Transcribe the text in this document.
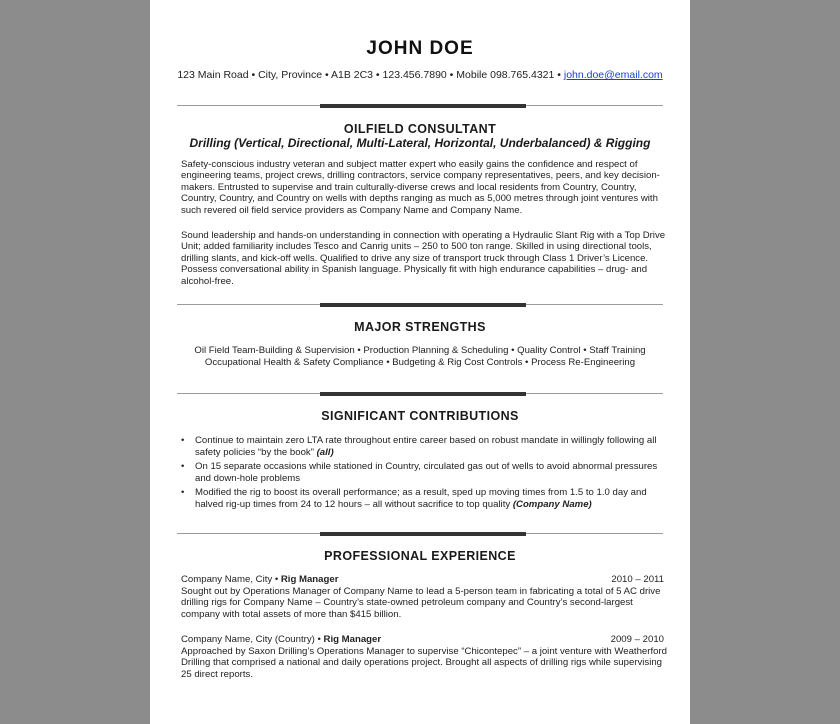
JOHN DOE
123 Main Road • City, Province • A1B 2C3 • 123.456.7890 • Mobile 098.765.4321 • john.doe@email.com
OILFIELD CONSULTANT
Drilling (Vertical, Directional, Multi-Lateral, Horizontal, Underbalanced) & Rigging
Safety-conscious industry veteran and subject matter expert who easily gains the confidence and respect of engineering teams, project crews, drilling contractors, service company representatives, peers, and key decision-makers. Entrusted to supervise and train culturally-diverse crews and local residents from Country, Country, Country, Country, and Country on wells with depths ranging as much as 5,000 metres through joint ventures with such revered oil field service providers as Company Name and Company Name.
Sound leadership and hands-on understanding in connection with operating a Hydraulic Slant Rig with a Top Drive Unit; added familiarity includes Tesco and Canrig units – 250 to 500 ton range. Skilled in using directional tools, drilling slants, and kick-off wells. Qualified to drive any size of transport truck through Class 1 Driver’s Licence. Possess conversational ability in Spanish language. Physically fit with high endurance capabilities – drug- and alcohol-free.
MAJOR STRENGTHS
Oil Field Team-Building & Supervision • Production Planning & Scheduling • Quality Control • Staff Training
Occupational Health & Safety Compliance • Budgeting & Rig Cost Controls • Process Re-Engineering
SIGNIFICANT CONTRIBUTIONS
• Continue to maintain zero LTA rate throughout entire career based on robust mandate in willingly following all safety policies “by the book” (all)
• On 15 separate occasions while stationed in Country, circulated gas out of wells to avoid abnormal pressures and down-hole problems
• Modified the rig to boost its overall performance; as a result, sped up moving times from 1.5 to 1.0 day and halved rig-up times from 24 to 12 hours – all without sacrifice to top quality (Company Name)
PROFESSIONAL EXPERIENCE
Company Name, City • Rig Manager	2010 – 2011
Sought out by Operations Manager of Company Name to lead a 5-person team in fabricating a total of 5 AC drive drilling rigs for Company Name – Country’s state-owned petroleum company and Country’s second-largest company with total assets of more than $415 billion.
Company Name, City (Country) • Rig Manager	2009 – 2010
Approached by Saxon Drilling’s Operations Manager to supervise “Chicontepec” – a joint venture with Weatherford Drilling that comprised a national and daily operations project. Brought all aspects of drilling rigs while supervising 25 direct reports.
